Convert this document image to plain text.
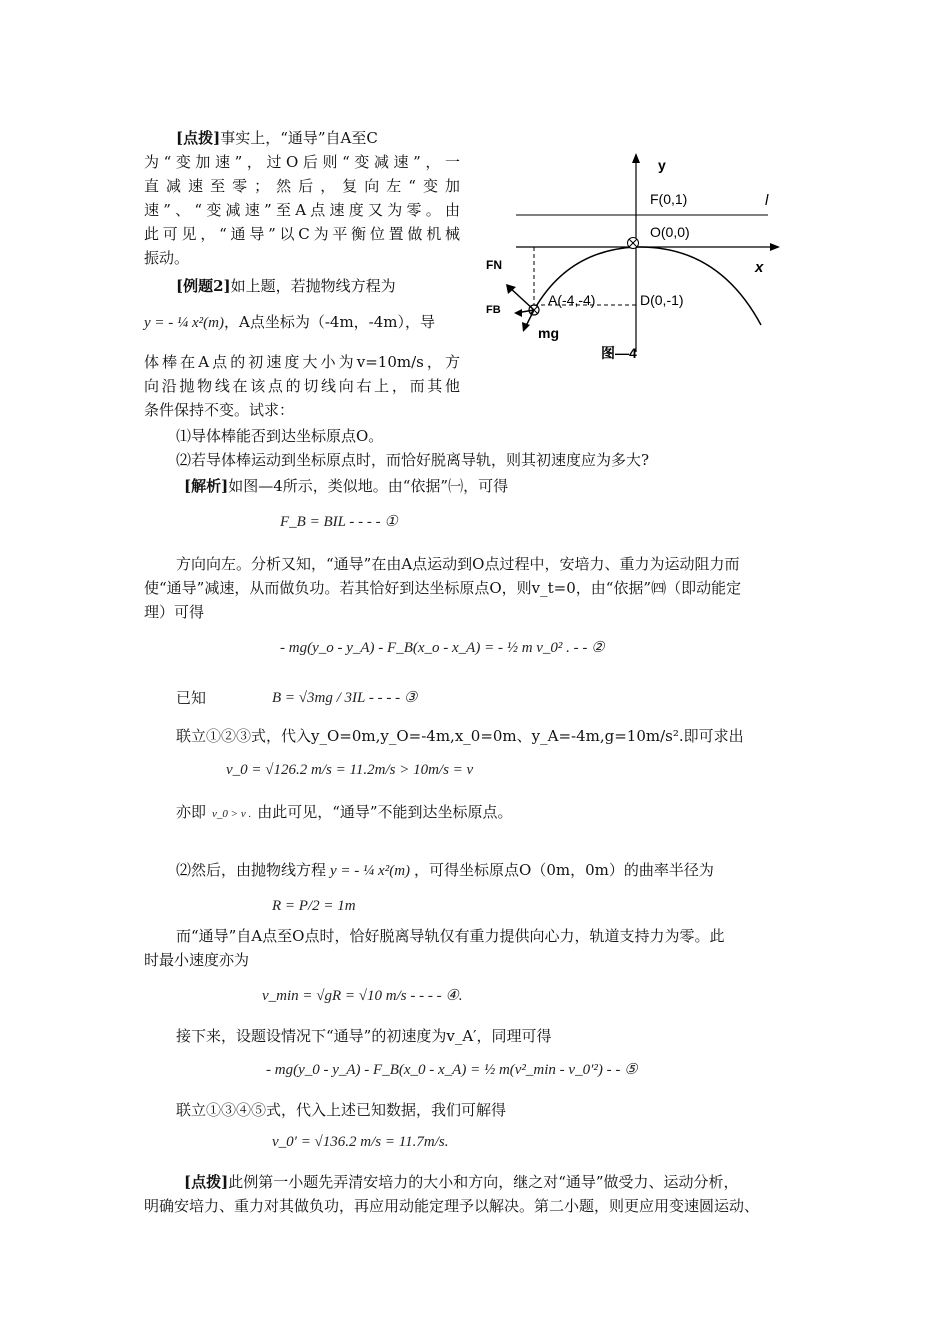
[点拨]事实上，“通导”自A至C
为“变加速”，过O后则“变减速”，一
直减速至零；然后，复向左“变加
速”、“变减速”至A点速度又为零。由
此可见，“通导”以C为平衡位置做机械
振动。
[例题2]如上题，若抛物线方程为
y = - ¼ x²(m)，A点坐标为（-4m，-4m），导
体棒在A点的初速度大小为v=10m/s，方
向沿抛物线在该点的切线向右上，而其他
条件保持不变。试求：
y
x
l
F(0,1)
O(0,0)
A(-4,-4)	D(0,-1)
FN
FB
mg
图—4
⑴导体棒能否到达坐标原点O。
⑵若导体棒运动到坐标原点时，而恰好脱离导轨，则其初速度应为多大?
[解析]如图—4所示，类似地。由“依据”㈠，可得
F_B = BIL - - - - ①
方向向左。分析又知，“通导”在由A点运动到O点过程中，安培力、重力为运动阻力而
使“通导”减速，从而做负功。若其恰好到达坐标原点O，则v_t=0，由“依据”㈣（即动能定
理）可得
- mg(y_o - y_A) - F_B(x_o - x_A) = - ½ m v_0² . - - ②
已知	B = √3mg / 3IL - - - - ③
联立①②③式，代入y_O=0m,y_O=-4m,x_0=0m、y_A=-4m,g=10m/s².即可求出
v_0 = √126.2 m/s = 11.2m/s > 10m/s = v
亦即 v_0 > v . 由此可见，“通导”不能到达坐标原点。
⑵然后，由抛物线方程 y = - ¼ x²(m) ，可得坐标原点O（0m，0m）的曲率半径为
R = P/2 = 1m
而“通导”自A点至O点时，恰好脱离导轨仅有重力提供向心力，轨道支持力为零。此
时最小速度亦为
v_min = √gR = √10 m/s - - - - ④.
接下来，设题设情况下“通导”的初速度为v_A′，同理可得
- mg(y_0 - y_A) - F_B(x_0 - x_A) = ½ m(v²_min - v_0′²) - - ⑤
联立①③④⑤式，代入上述已知数据，我们可解得
v_0′ = √136.2 m/s = 11.7m/s.
[点拨]此例第一小题先弄清安培力的大小和方向，继之对“通导”做受力、运动分析，
明确安培力、重力对其做负功，再应用动能定理予以解决。第二小题，则更应用变速圆运动、
